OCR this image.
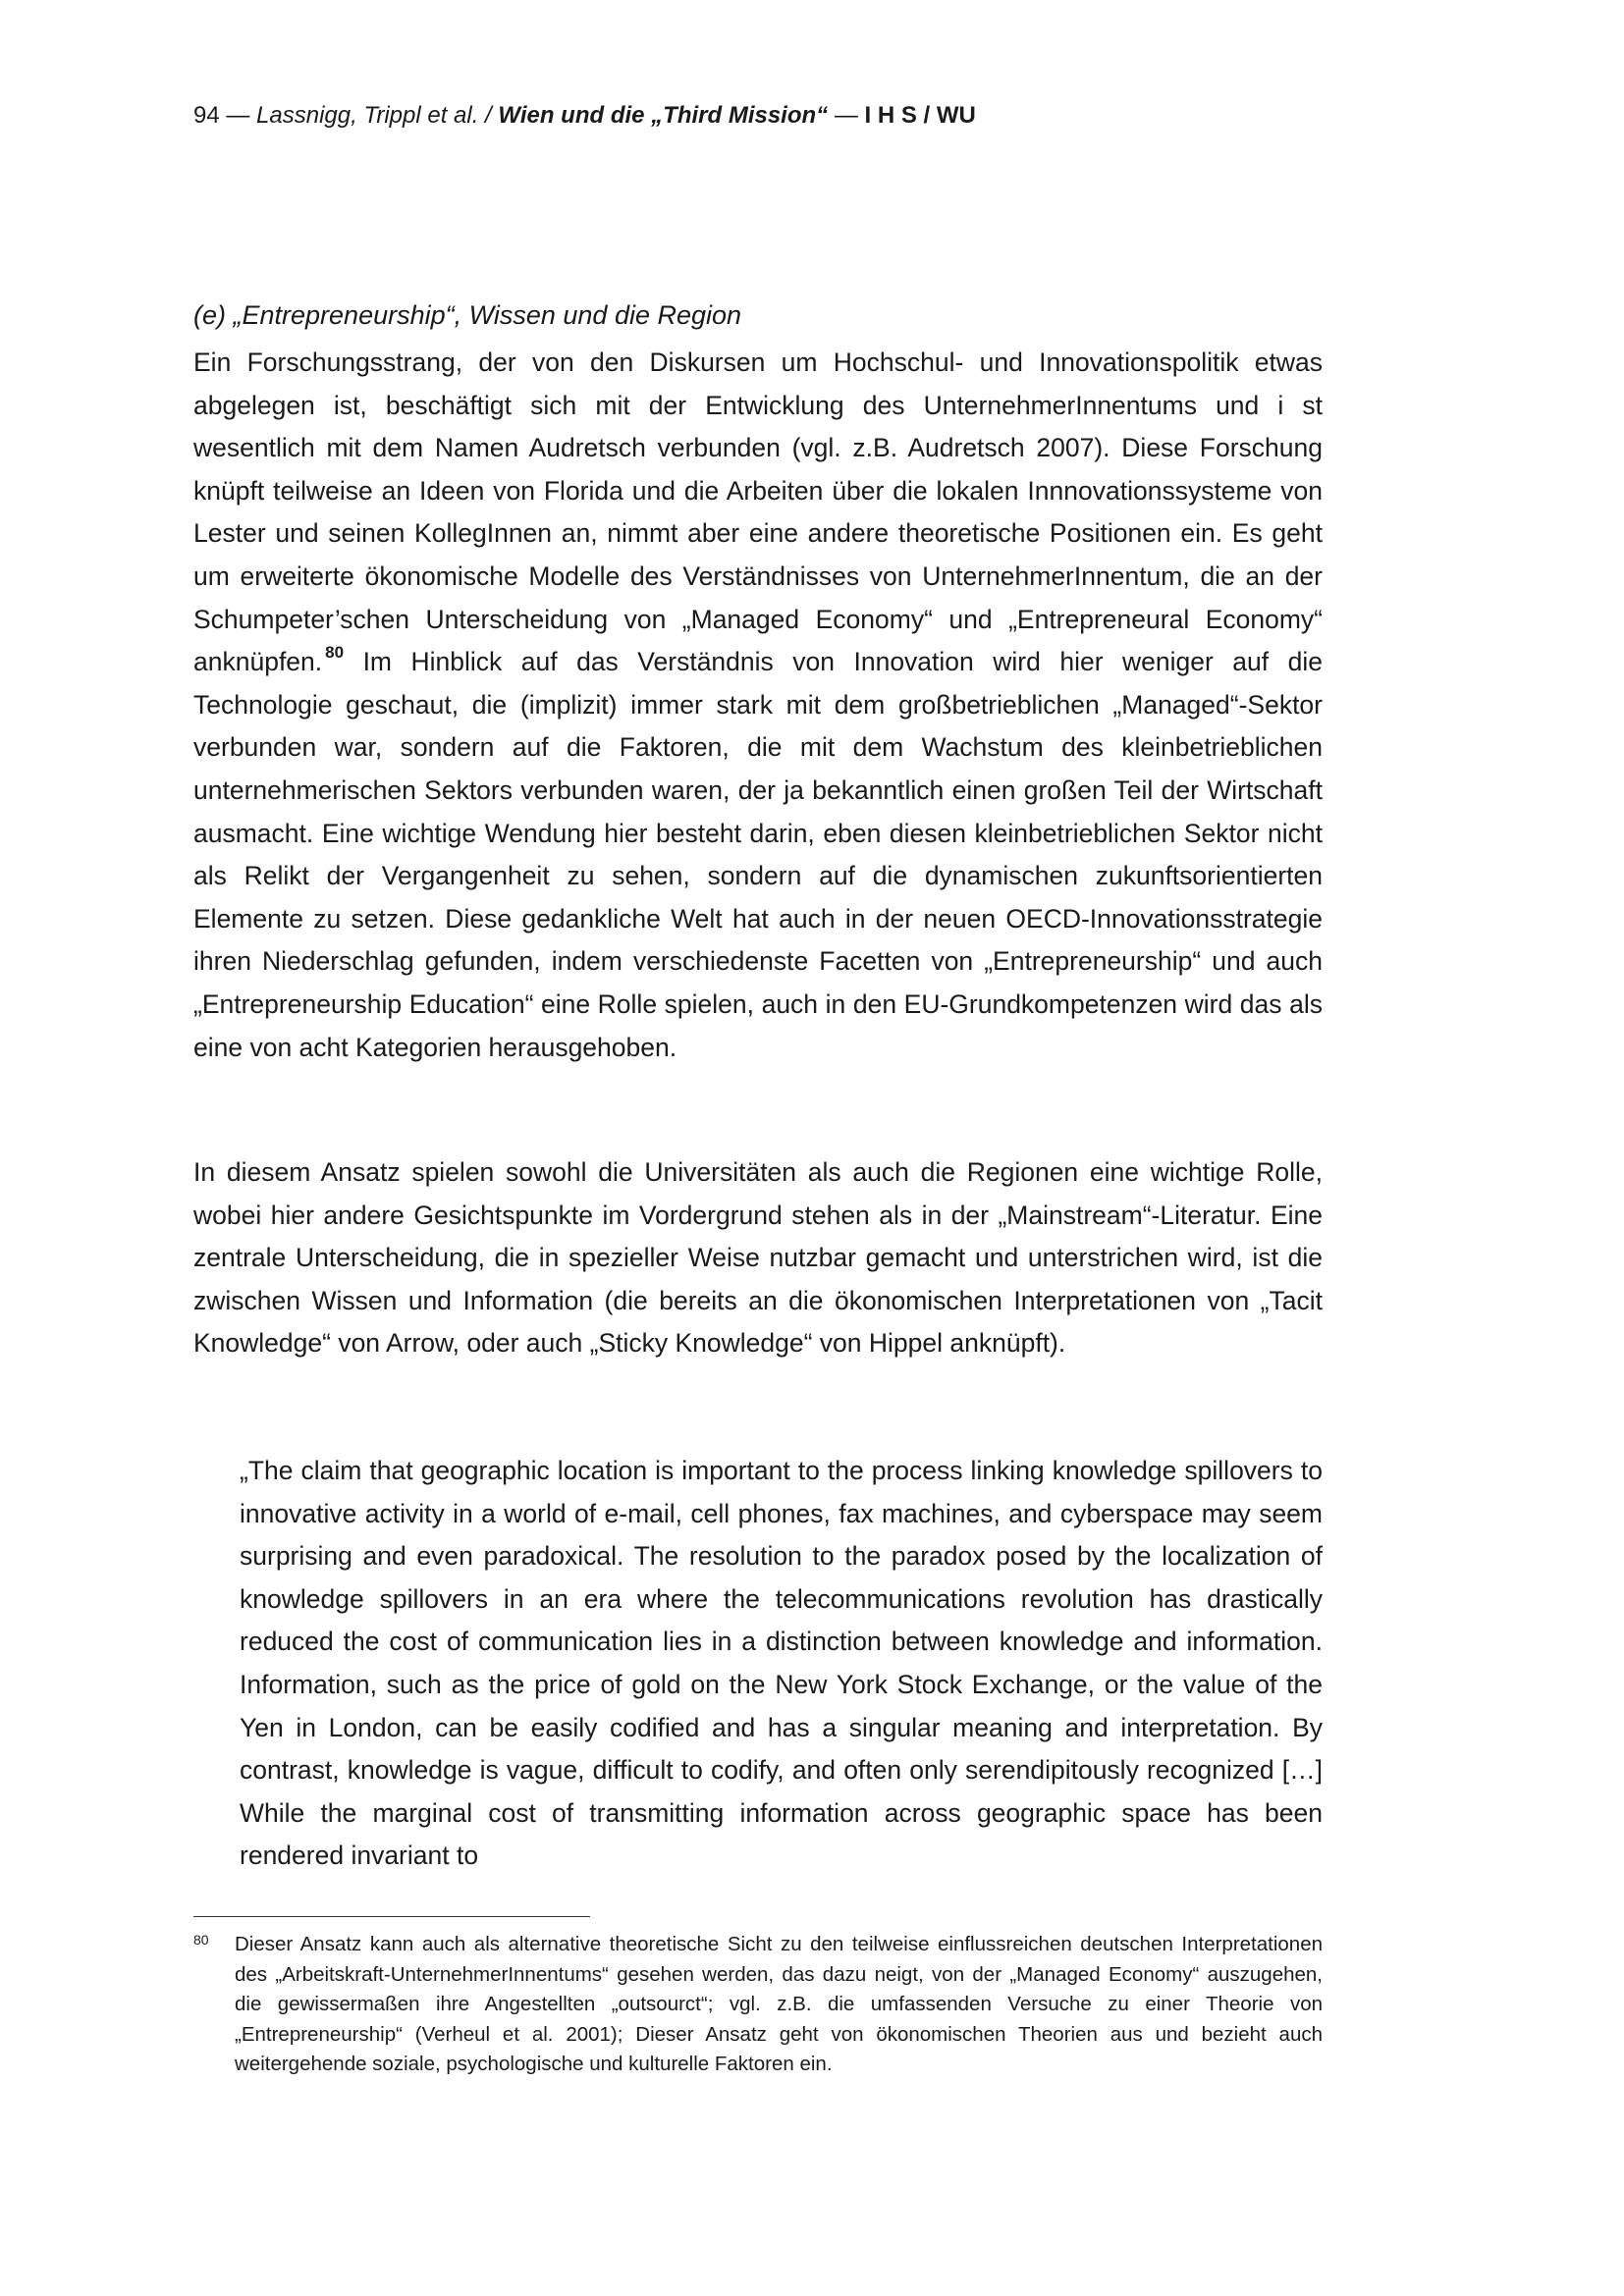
94 — Lassnigg, Trippl et al. / Wien und die „Third Mission“ — I H S / WU
(e) „Entrepreneurship“, Wissen und die Region

Ein Forschungsstrang, der von den Diskursen um Hochschul- und Innovationspolitik etwas abgelegen ist, beschäftigt sich mit der Entwicklung des UnternehmerInnentums und i st wesentlich mit dem Namen Audretsch verbunden (vgl. z.B. Audretsch 2007). Diese Forschung knüpft teilweise an Ideen von Florida und die Arbeiten über die lokalen Innnovationssysteme von Lester und seinen KollegInnen an, nimmt aber eine andere theoretische Positionen ein. Es geht um erweiterte ökonomische Modelle des Verständnisses von UnternehmerInnentum, die an der Schumpeter’schen Unterscheidung von „Managed Economy“ und „Entrepreneural Economy“ anknüpfen. $^{80}$ Im Hinblick auf das Verständnis von Innovation wird hier weniger auf die Technologie geschaut, die (implizit) immer stark mit dem großbetrieblichen „Managed“-Sektor verbunden war, sondern auf die Faktoren, die mit dem Wachstum des kleinbetrieblichen unternehmerischen Sektors verbunden waren, der ja bekanntlich einen großen Teil der Wirtschaft ausmacht. Eine wichtige Wendung hier besteht darin, eben diesen kleinbetrieblichen Sektor nicht als Relikt der Vergangenheit zu sehen, sondern auf die dynamischen zukunftsorientierten Elemente zu setzen. Diese gedankliche Welt hat auch in der neuen OECD-Innovationsstrategie ihren Niederschlag gefunden, indem verschiedenste Facetten von „Entrepreneurship“ und auch „Entrepreneurship Education“ eine Rolle spielen, auch in den EU-Grundkompetenzen wird das als eine von acht Kategorien herausgehoben.

In diesem Ansatz spielen sowohl die Universitäten als auch die Regionen eine wichtige Rolle, wobei hier andere Gesichtspunkte im Vordergrund stehen als in der „Mainstream“-Literatur. Eine zentrale Unterscheidung, die in spezieller Weise nutzbar gemacht und unterstrichen wird, ist die zwischen Wissen und Information (die bereits an die ökonomischen Interpretationen von „Tacit Knowledge“ von Arrow, oder auch „Sticky Knowledge“ von Hippel anknüpft).

„The claim that geographic location is important to the process linking knowledge spillovers to innovative activity in a world of e-mail, cell phones, fax machines, and cyberspace may seem surprising and even paradoxical. The resolution to the paradox posed by the localization of knowledge spillovers in an era where the telecommunications revolution has drastically reduced the cost of communication lies in a distinction between knowledge and information. Information, such as the price of gold on the New York Stock Exchange, or the value of the Yen in London, can be easily codified and has a singular meaning and interpretation. By contrast, knowledge is vague, difficult to codify, and often only serendipitously recognized […] While the marginal cost of transmitting information across geographic space has been rendered invariant to

80 Dieser Ansatz kann auch als alternative theoretische Sicht zu den teilweise einflussreichen deutschen Interpretationen des „Arbeitskraft-UnternehmerInnentums“ gesehen werden, das dazu neigt, von der „Managed Economy“ auszugehen, die gewissermaßen ihre Angestellten „outsourct“; vgl. z.B. die umfassenden Versuche zu einer Theorie von „Entrepreneurship“ (Verheul et al. 2001); Dieser Ansatz geht von ökonomischen Theorien aus und bezieht auch weitergehende soziale, psychologische und kulturelle Faktoren ein.
